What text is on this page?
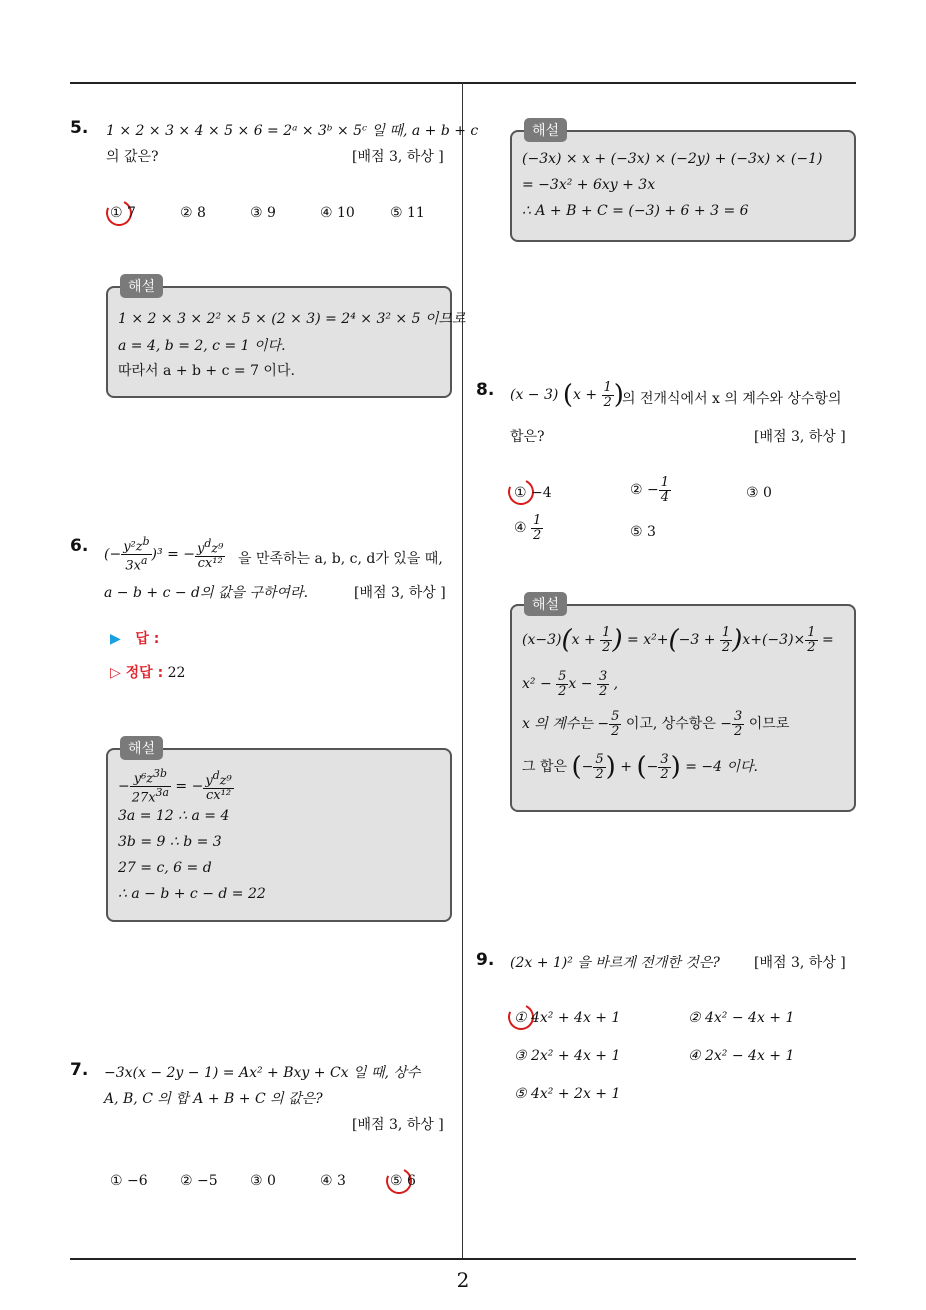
2
5. 1 × 2 × 3 × 4 × 5 × 6 = 2ᵃ × 3ᵇ × 5ᶜ 일 때, a + b + c
의 값은?	[배점 3, 하상 ]
① 7	② 8	③ 9	④ 10	⑤ 11
해설
1 × 2 × 3 × 2² × 5 × (2 × 3) = 2⁴ × 3² × 5 이므로
a = 4, b = 2, c = 1 이다.
따라서 a + b + c = 7 이다.
6. (− $\frac{y^2z^b}{3x^a} )^3$ = − $\frac{y^dz^9}{\text{cx¹²}}$ 을 만족하는 a, b, c, d가 있을 때,
a − b + c − d의 값을 구하여라.	[배점 3, 하상 ]
▶   답 :
▷ 정답 : 22
해설
− $\frac{y^6z^{3b}}{27x^{3a}}$ = − $\frac{y^dz^9}{\text{cx¹²}}$
3a = 12 ∴ a = 4
3b = 9 ∴ b = 3
27 = c, 6 = d
∴ a − b + c − d = 22
7. −3x(x − 2y − 1) = Ax² + Bxy + Cx 일 때, 상수
A, B, C 의 합 A + B + C 의 값은?
[배점 3, 하상 ]
① −6 ② −5 ③ 0	④ 3	⑤ 6
해설
(−3x) × x + (−3x) × (−2y) + (−3x) × (−1)
= −3x² + 6xy + 3x
∴ A + B + C = (−3) + 6 + 3 = 6
8. (x − 3) ($x + \frac{1}{2}$ )
의 전개식에서 x 의 계수와 상수항의
합은?	[배점 3, 하상 ]
① −4	② − $\frac{1}{4}$	③ 0
④ $\frac{1}{2}$	⑤ 3
해설
$(x-3)(x + \frac{1}{2}$ ) = $x^2+(-3 + \frac{1}{2} )x+(-3)\times \frac{1}{2}$ =
$x^2 - \frac{5}{2}$ $x - \frac{3}{2}$ ,
x 의 계수는 − $\frac{5}{2}$ 이고, 상수항은 − $\frac{3}{2}$ 이므로
그 합은 (− $\frac{5}{2}$ ) + (− $\frac{3}{2}$ ) = −4 이다.
9. (2x + 1)² 을 바르게 전개한 것은? [배점 3, 하상 ]
① 4x² + 4x + 1	② 4x² − 4x + 1
③ 2x² + 4x + 1	④ 2x² − 4x + 1
⑤ 4x² + 2x + 1
